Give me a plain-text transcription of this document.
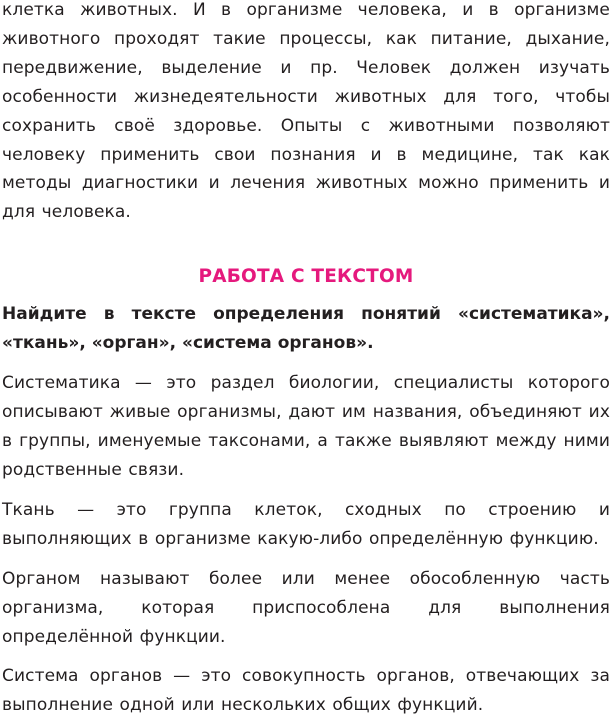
клетка животных. И в организме человека, и в организме животного проходят такие процессы, как питание, дыхание, передвижение, выделение и пр. Человек должен изучать особенности жизнедеятельности животных для того, чтобы сохранить своё здоровье. Опыты с животными позволяют человеку применить свои познания и в медицине, так как методы диагностики и лечения животных можно применить и для человека.

РАБОТА С ТЕКСТОМ

Найдите в тексте определения понятий «систематика», «ткань», «орган», «система органов».

Систематика — это раздел биологии, специалисты которого описывают живые организмы, дают им названия, объединяют их в группы, именуемые таксонами, а также выявляют между ними родственные связи.

Ткань — это группа клеток, сходных по строению и выполняющих в организме какую-либо определённую функцию.

Органом называют более или менее обособленную часть организма, которая приспособлена для выполнения определённой функции.

Система органов — это совокупность органов, отвечающих за выполнение одной или нескольких общих функций.
